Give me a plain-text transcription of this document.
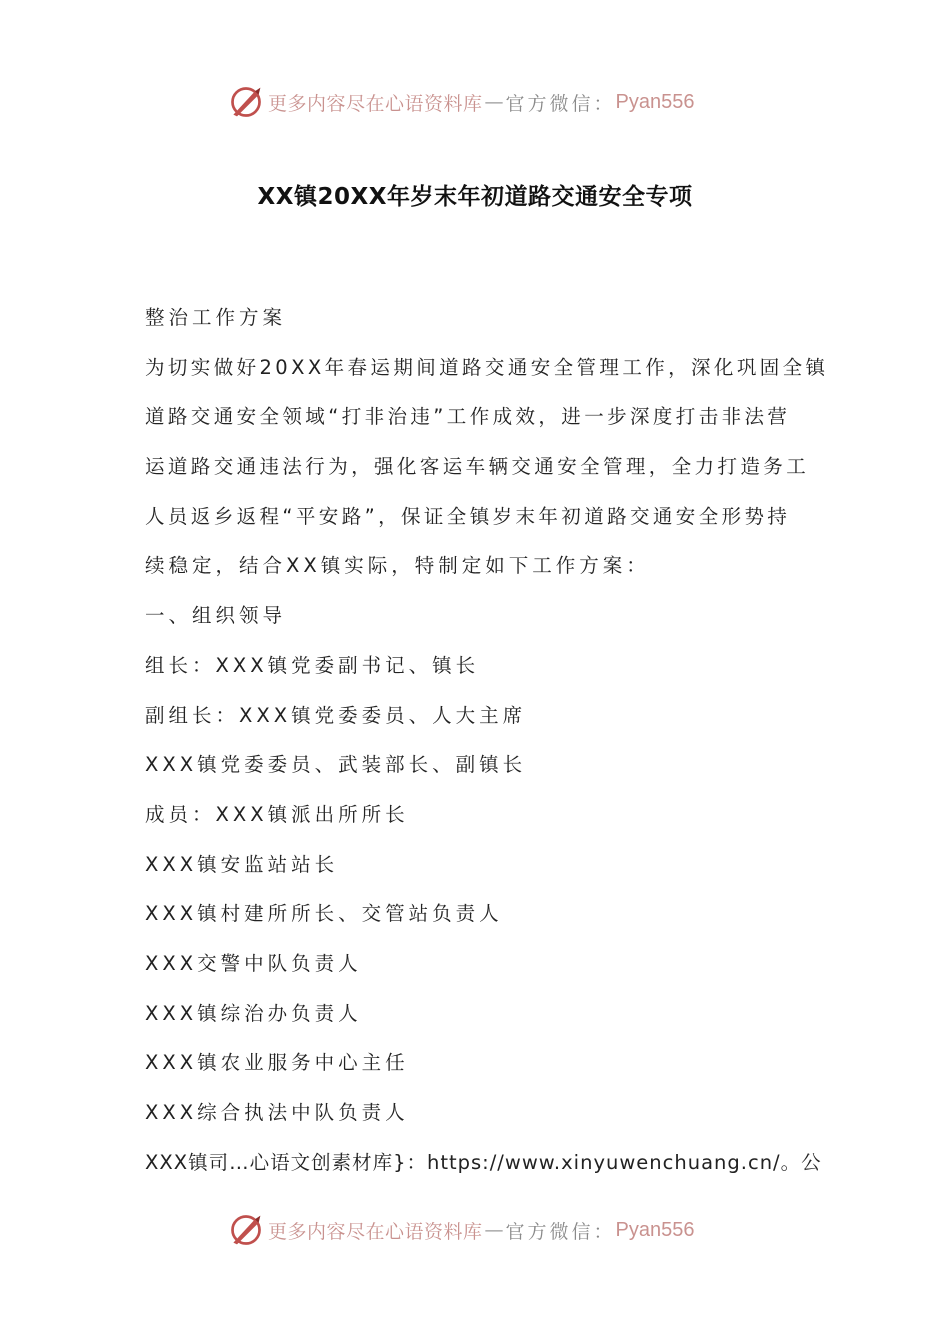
更多内容尽在心语资料库 — 官方微信： Pyan556
XX镇20XX年岁末年初道路交通安全专项
整治工作方案
为切实做好20XX年春运期间道路交通安全管理工作，深化巩固全镇
道路交通安全领域“打非治违”工作成效，进一步深度打击非法营
运道路交通违法行为，强化客运车辆交通安全管理，全力打造务工
人员返乡返程“平安路”，保证全镇岁末年初道路交通安全形势持
续稳定，结合XX镇实际，特制定如下工作方案：
一、组织领导
组长：XXX镇党委副书记、镇长
副组长：XXX镇党委委员、人大主席
XXX镇党委委员、武装部长、副镇长
成员：XXX镇派出所所长
XXX镇安监站站长
XXX镇村建所所长、交管站负责人
XXX交警中队负责人
XXX镇综治办负责人
XXX镇农业服务中心主任
XXX综合执法中队负责人
XXX镇司…心语文创素材库}：https://www.xinyuwenchuang.cn/。公
更多内容尽在心语资料库 — 官方微信： Pyan556
